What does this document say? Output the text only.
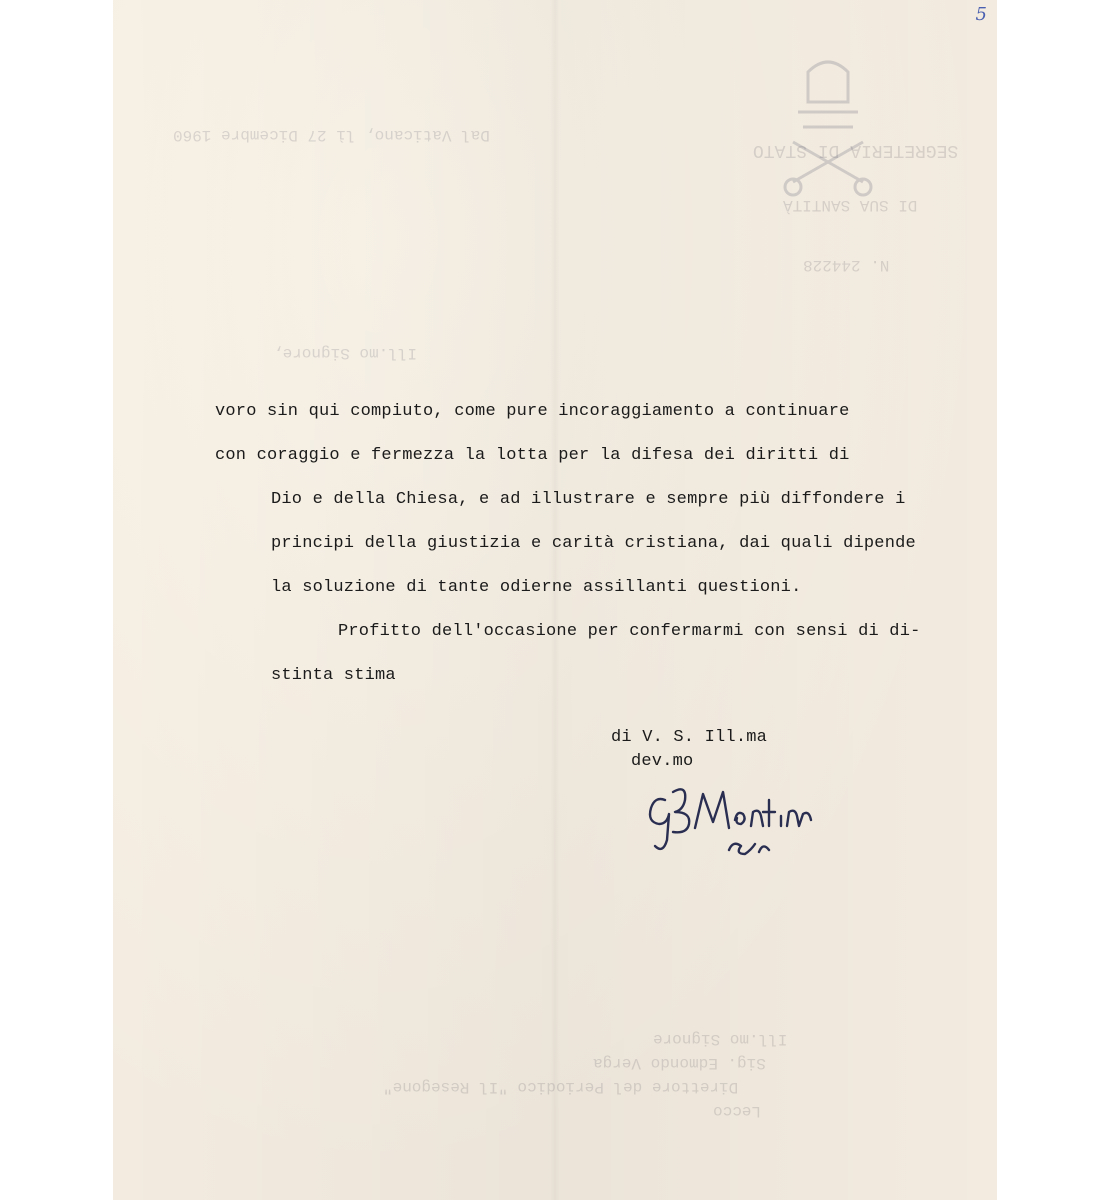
5
Dal Vaticano, lì 27 Dicembre 1960
SEGRETERIA DI STATO
DI SUA SANTITÀ
N. 244228
Ill.mo Signore,
Ill.mo Signore
Sig. Edmondo Verga
Direttore del Periodico "Il Resegone"
Lecco
voro sin qui compiuto, come pure incoraggiamento a continuare
con coraggio e fermezza la lotta per la difesa dei diritti di
Dio e della Chiesa, e ad illustrare e sempre più diffondere i
principi della giustizia e carità cristiana, dai quali dipende
la soluzione di tante odierne assillanti questioni.
Profitto dell'occasione per confermarmi con sensi di di-
stinta stima
di V. S. Ill.ma
dev.mo
